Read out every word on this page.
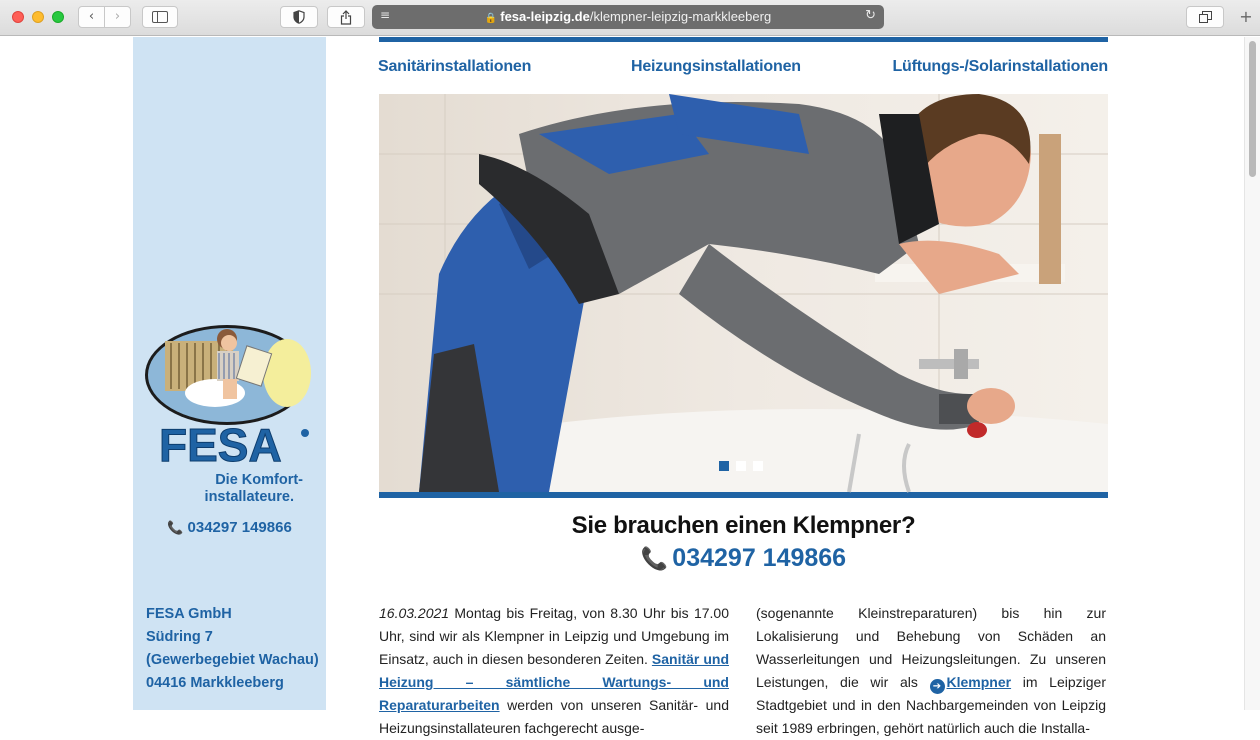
‹	›	≡	🔒 fesa-leipzig.de/klempner-leipzig-markkleeberg	↻	+
FESA
Die Komfort-
installateure.
📞 034297 149866
FESA GmbH
Südring 7
(Gewerbegebiet Wachau)
04416 Markkleeberg
Sanitärinstallationen	Heizungsinstallationen	Lüftungs-/Solarinstallationen
Sie brauchen einen Klempner?
📞 034297 149866
16.03.2021 Montag bis Freitag, von 8.30 Uhr bis 17.00 Uhr, sind wir als Klempner in Leipzig und Umgebung im Einsatz, auch in diesen besonderen Zeiten. Sanitär und Heizung – sämtliche Wartungs- und Reparaturarbeiten werden von unseren Sanitär- und Heizungsinstallateuren fachgerecht ausge-
(sogenannte Kleinstreparaturen) bis hin zur Lokalisierung und Behebung von Schäden an Wasserleitungen und Heizungsleitungen. Zu unseren Leistungen, die wir als ➔ Klempner im Leipziger Stadtgebiet und in den Nachbargemeinden von Leipzig seit 1989 erbringen, gehört natürlich auch die Installa-
